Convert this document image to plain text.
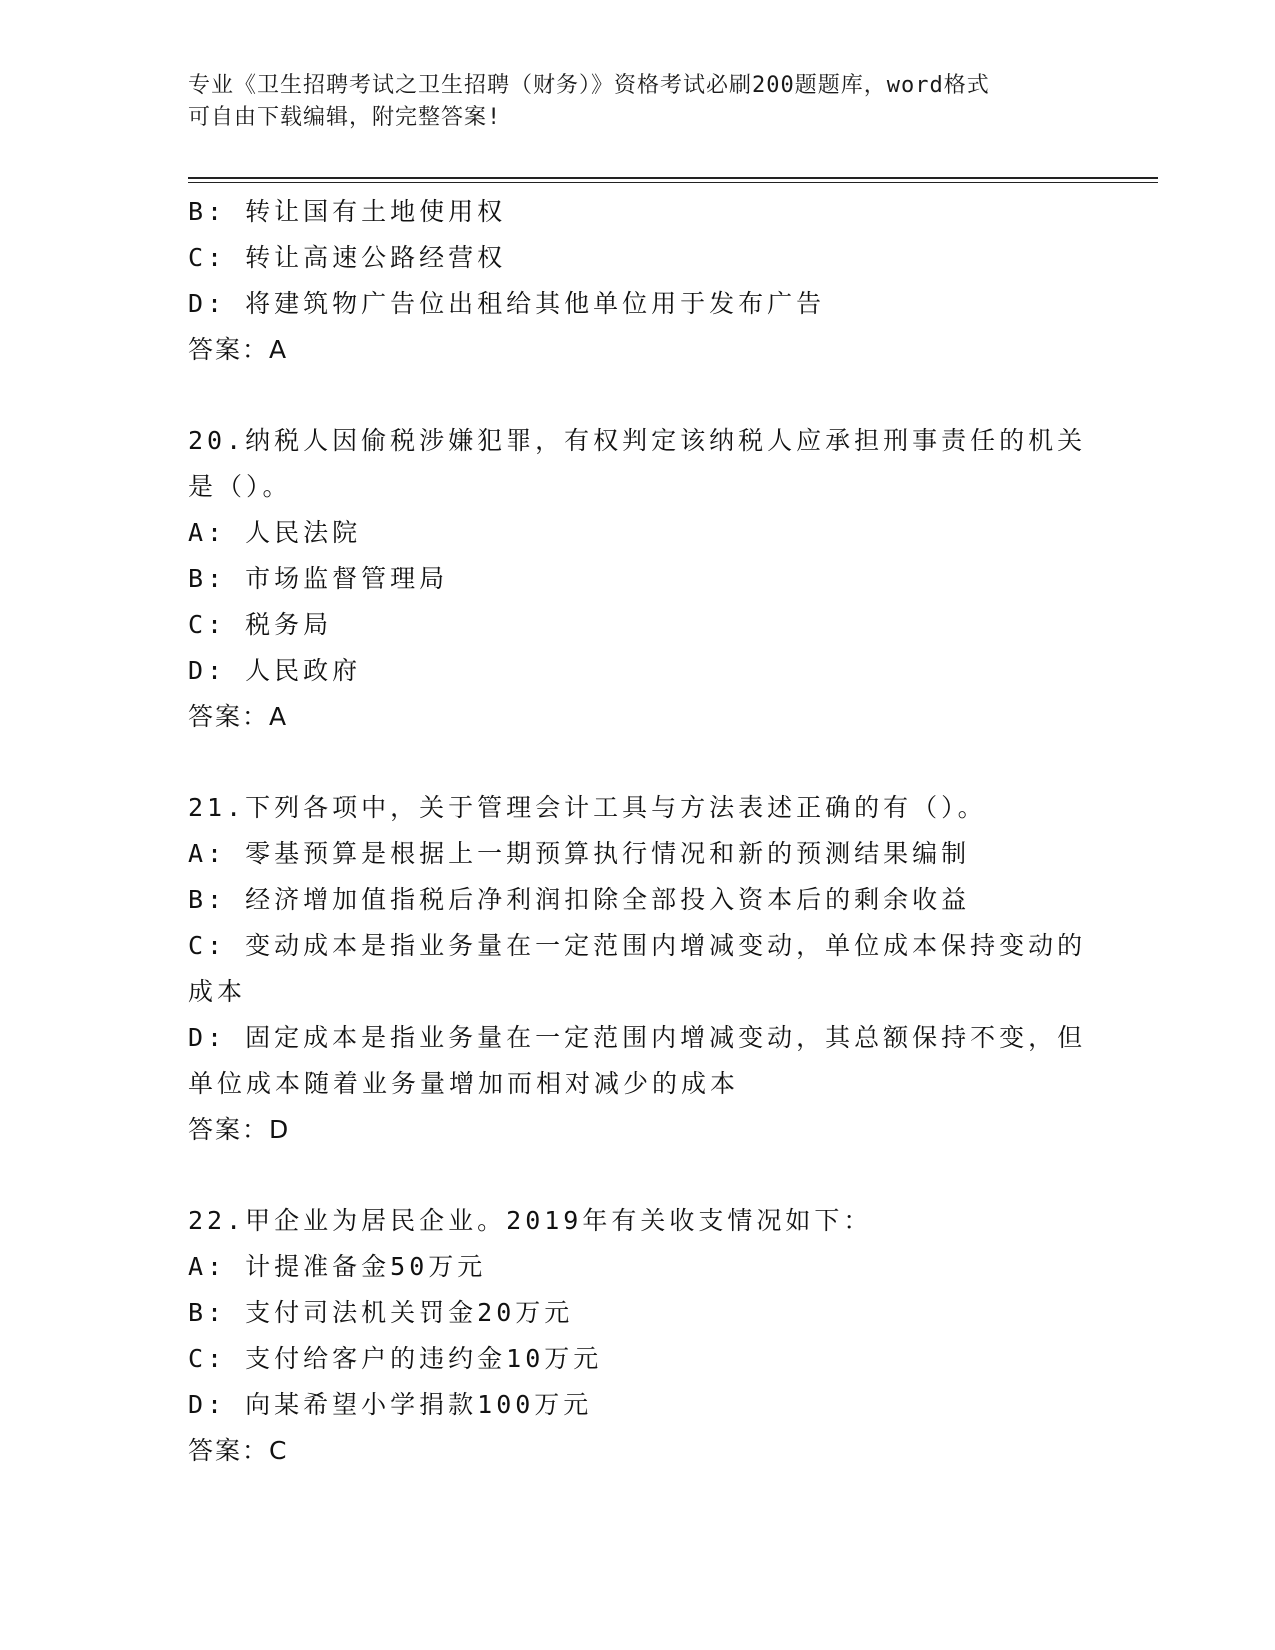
专业《卫生招聘考试之卫生招聘（财务）》资格考试必刷200题题库，word格式
可自由下载编辑，附完整答案!
B: 转让国有土地使用权
C: 转让高速公路经营权
D: 将建筑物广告位出租给其他单位用于发布广告
答案：A
20.纳税人因偷税涉嫌犯罪，有权判定该纳税人应承担刑事责任的机关
是（）。
A: 人民法院
B: 市场监督管理局
C: 税务局
D: 人民政府
答案：A
21.下列各项中，关于管理会计工具与方法表述正确的有（）。
A: 零基预算是根据上一期预算执行情况和新的预测结果编制
B: 经济增加值指税后净利润扣除全部投入资本后的剩余收益
C: 变动成本是指业务量在一定范围内增减变动，单位成本保持变动的
成本
D: 固定成本是指业务量在一定范围内增减变动，其总额保持不变，但
单位成本随着业务量增加而相对减少的成本
答案：D
22.甲企业为居民企业。2019年有关收支情况如下：
A: 计提准备金50万元
B: 支付司法机关罚金20万元
C: 支付给客户的违约金10万元
D: 向某希望小学捐款100万元
答案：C
